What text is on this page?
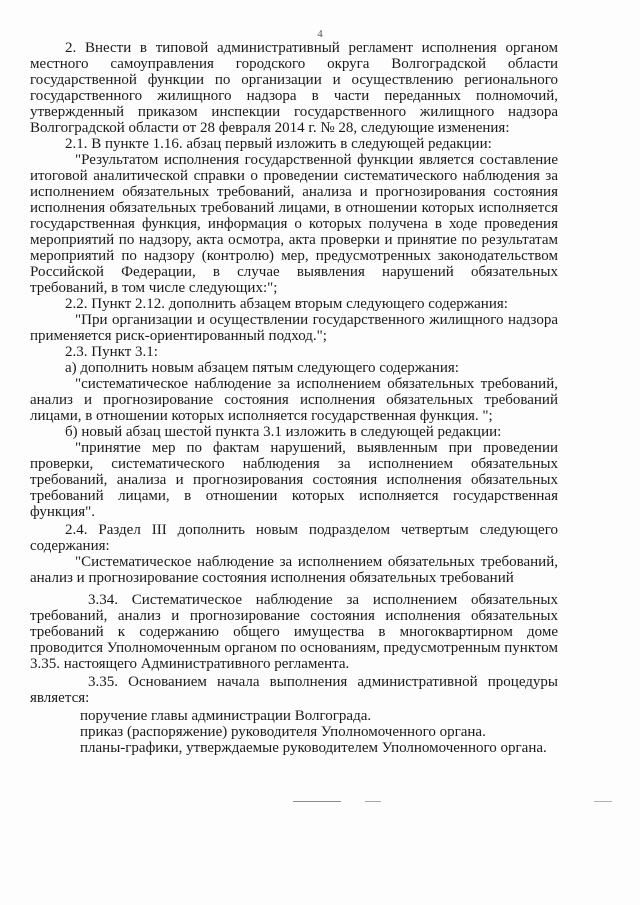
4

2. Внести в типовой административный регламент исполнения органом местного самоуправления городского округа Волгоградской области государственной функции по организации и осуществлению регионального государственного жилищного надзора в части переданных полномочий, утвержденный приказом инспекции государственного жилищного надзора Волгоградской области от 28 февраля 2014 г. № 28, следующие изменения:

2.1. В пункте 1.16. абзац первый изложить в следующей редакции:

"Результатом исполнения государственной функции является составление итоговой аналитической справки о проведении систематического наблюдения за исполнением обязательных требований, анализа и прогнозирования состояния исполнения обязательных требований лицами, в отношении которых исполняется государственная функция, информация о которых получена в ходе проведения мероприятий по надзору, акта осмотра, акта проверки и принятие по результатам мероприятий по надзору (контролю) мер, предусмотренных законодательством Российской Федерации, в случае выявления нарушений обязательных требований, в том числе следующих:";

2.2. Пункт 2.12. дополнить абзацем вторым следующего содержания:

"При организации и осуществлении государственного жилищного надзора применяется риск-ориентированный подход.";

2.3. Пункт 3.1:

а) дополнить новым абзацем пятым следующего содержания:

"систематическое наблюдение за исполнением обязательных требований, анализ и прогнозирование состояния исполнения обязательных требований лицами, в отношении которых исполняется государственная функция. ";

б) новый абзац шестой пункта 3.1 изложить в следующей редакции:

"принятие мер по фактам нарушений, выявленным при проведении проверки, систематического наблюдения за исполнением обязательных требований, анализа и прогнозирования состояния исполнения обязательных требований лицами, в отношении которых исполняется государственная функция".

2.4. Раздел III дополнить новым подразделом четвертым следующего содержания:

"Систематическое наблюдение за исполнением обязательных требований, анализ и прогнозирование состояния исполнения обязательных требований

3.34. Систематическое наблюдение за исполнением обязательных требований, анализ и прогнозирование состояния исполнения обязательных требований к содержанию общего имущества в многоквартирном доме проводится Уполномоченным органом по основаниям, предусмотренным пунктом 3.35. настоящего Административного регламента.

3.35. Основанием начала выполнения административной процедуры является:

поручение главы администрации Волгограда.

приказ (распоряжение) руководителя Уполномоченного органа.

планы-графики, утверждаемые руководителем Уполномоченного органа.
